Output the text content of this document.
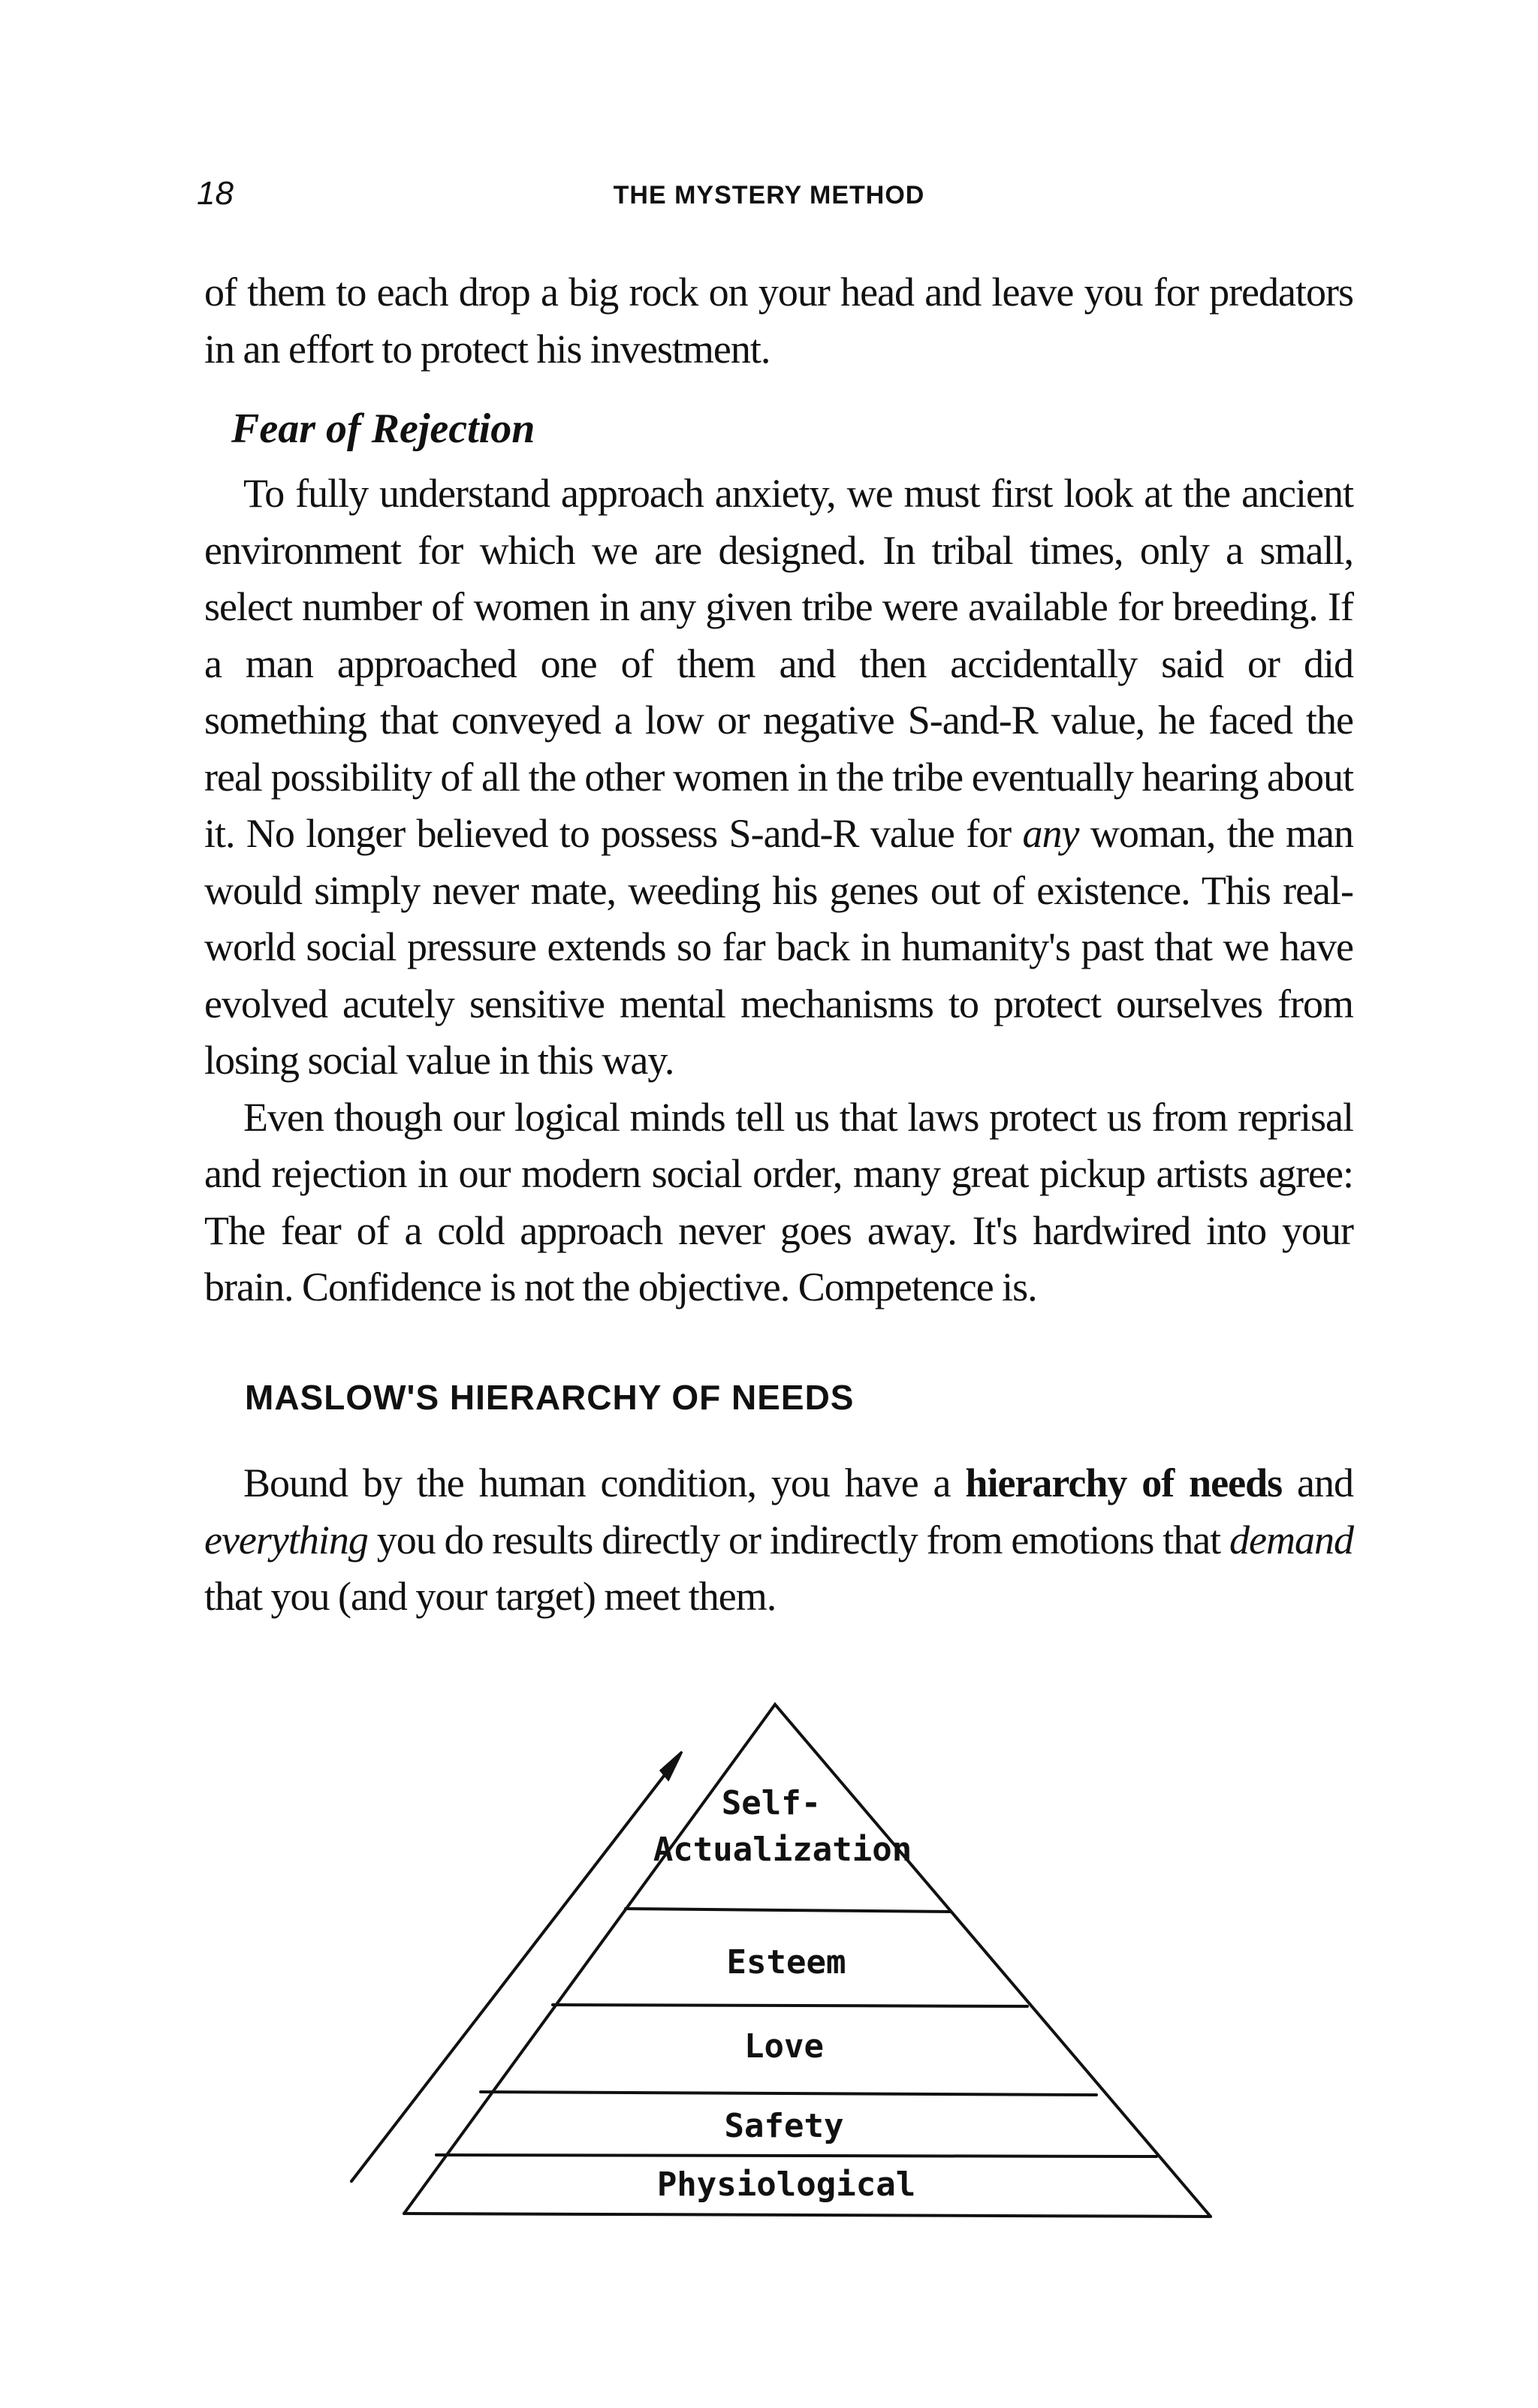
18	THE MYSTERY METHOD

of them to each drop a big rock on your head and leave you for predators in an effort to protect his investment.

Fear of Rejection

To fully understand approach anxiety, we must first look at the ancient environment for which we are designed. In tribal times, only a small, select number of women in any given tribe were available for breeding. If a man approached one of them and then accidentally said or did something that conveyed a low or negative S-and-R value, he faced the real possibility of all the other women in the tribe eventually hearing about it. No longer believed to possess S-and-R value for any woman, the man would simply never mate, weeding his genes out of existence. This real-world social pressure extends so far back in humanity's past that we have evolved acutely sensitive mental mechanisms to protect ourselves from losing social value in this way.

Even though our logical minds tell us that laws protect us from reprisal and rejection in our modern social order, many great pickup artists agree: The fear of a cold approach never goes away. It's hardwired into your brain. Confidence is not the objective. Competence is.

MASLOW'S HIERARCHY OF NEEDS

Bound by the human condition, you have a hierarchy of needs and everything you do results directly or indirectly from emotions that demand that you (and your target) meet them.

Self-
Actualization
Esteem
Love
Safety
Physiological
